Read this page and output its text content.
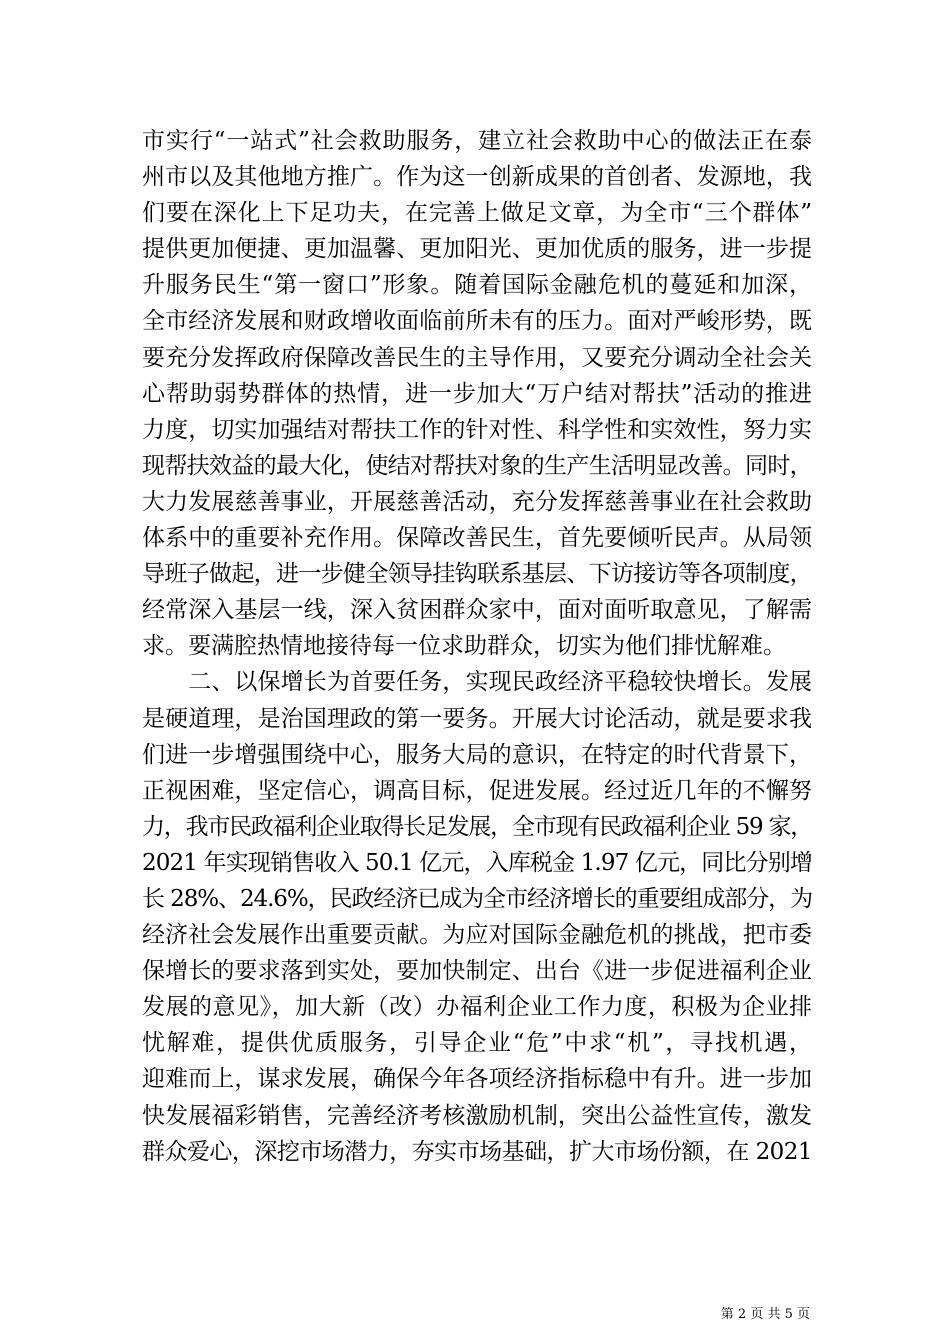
市实行“一站式”社会救助服务，建立社会救助中心的做法正在泰
州市以及其他地方推广。作为这一创新成果的首创者、发源地，我
们要在深化上下足功夫，在完善上做足文章，为全市“三个群体”
提供更加便捷、更加温馨、更加阳光、更加优质的服务，进一步提
升服务民生“第一窗口”形象。随着国际金融危机的蔓延和加深，
全市经济发展和财政增收面临前所未有的压力。面对严峻形势，既
要充分发挥政府保障改善民生的主导作用，又要充分调动全社会关
心帮助弱势群体的热情，进一步加大“万户结对帮扶”活动的推进
力度，切实加强结对帮扶工作的针对性、科学性和实效性，努力实
现帮扶效益的最大化，使结对帮扶对象的生产生活明显改善。同时，
大力发展慈善事业，开展慈善活动，充分发挥慈善事业在社会救助
体系中的重要补充作用。保障改善民生，首先要倾听民声。从局领
导班子做起，进一步健全领导挂钩联系基层、下访接访等各项制度，
经常深入基层一线，深入贫困群众家中，面对面听取意见，了解需
求。要满腔热情地接待每一位求助群众，切实为他们排忧解难。
　　二、以保增长为首要任务，实现民政经济平稳较快增长。发展
是硬道理，是治国理政的第一要务。开展大讨论活动，就是要求我
们进一步增强围绕中心，服务大局的意识，在特定的时代背景下，
正视困难，坚定信心，调高目标，促进发展。经过近几年的不懈努
力，我市民政福利企业取得长足发展，全市现有民政福利企业 59 家，
2021 年实现销售收入 50.1 亿元，入库税金 1.97 亿元，同比分别增
长 28%、24.6%，民政经济已成为全市经济增长的重要组成部分，为
经济社会发展作出重要贡献。为应对国际金融危机的挑战，把市委
保增长的要求落到实处，要加快制定、出台《进一步促进福利企业
发展的意见》，加大新（改）办福利企业工作力度，积极为企业排
忧解难，提供优质服务，引导企业“危”中求“机”，寻找机遇，
迎难而上，谋求发展，确保今年各项经济指标稳中有升。进一步加
快发展福彩销售，完善经济考核激励机制，突出公益性宣传，激发
群众爱心，深挖市场潜力，夯实市场基础，扩大市场份额，在 2021
第 2 页 共 5 页
